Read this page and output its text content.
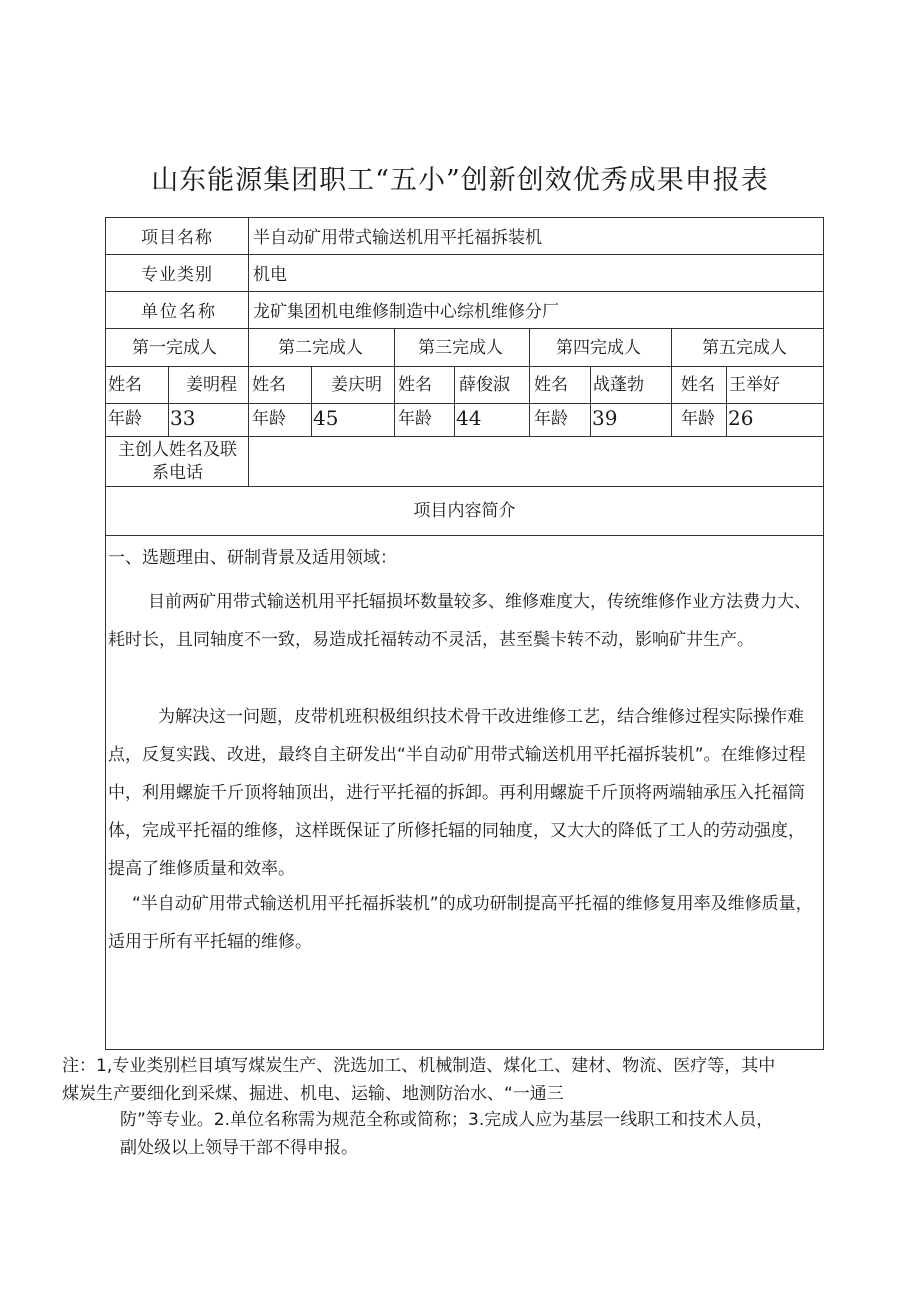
山东能源集团职工“五小”创新创效优秀成果申报表
项目名称 半自动矿用带式输送机用平托福拆装机
专业类别 机电
单位名称 龙矿集团机电维修制造中心综机维修分厂
第一完成人	第二完成人	第三完成人	第四完成人	第五完成人
姓名	姜明程 姓名	姜庆明 姓名 薛俊淑 姓名 战蓬勃 姓名 王举好
年龄 33	年龄 45	年龄 44	年龄 39	年龄 26
主创人姓名及联
系电话
项目内容简介
一、选题理由、研制背景及适用领域：
目前两矿用带式输送机用平托辐损坏数量较多、维修难度大，传统维修作业方法费力大、耗时长，且同轴度不一致，易造成托福转动不灵活，甚至鬓卡转不动，影响矿井生产。
为解决这一问题，皮带机班积极组织技术骨干改进维修工艺，结合维修过程实际操作难点，反复实践、改进，最终自主研发出“半自动矿用带式输送机用平托福拆装机”。在维修过程中，利用螺旋千斤顶将轴顶出，进行平托福的拆卸。再利用螺旋千斤顶将两端轴承压入托福筒体，完成平托福的维修，这样既保证了所修托辐的同轴度，又大大的降低了工人的劳动强度，提高了维修质量和效率。
“半自动矿用带式输送机用平托福拆装机”的成功研制提高平托福的维修复用率及维修质量，适用于所有平托辐的维修。
注：1,专业类别栏目填写煤炭生产、洗选加工、机械制造、煤化工、建材、物流、医疗等，其中
煤炭生产要细化到采煤、掘进、机电、运输、地测防治水、“一通三
防”等专业。2.单位名称需为规范全称或简称；3.完成人应为基层一线职工和技术人员，
副处级以上领导干部不得申报。
